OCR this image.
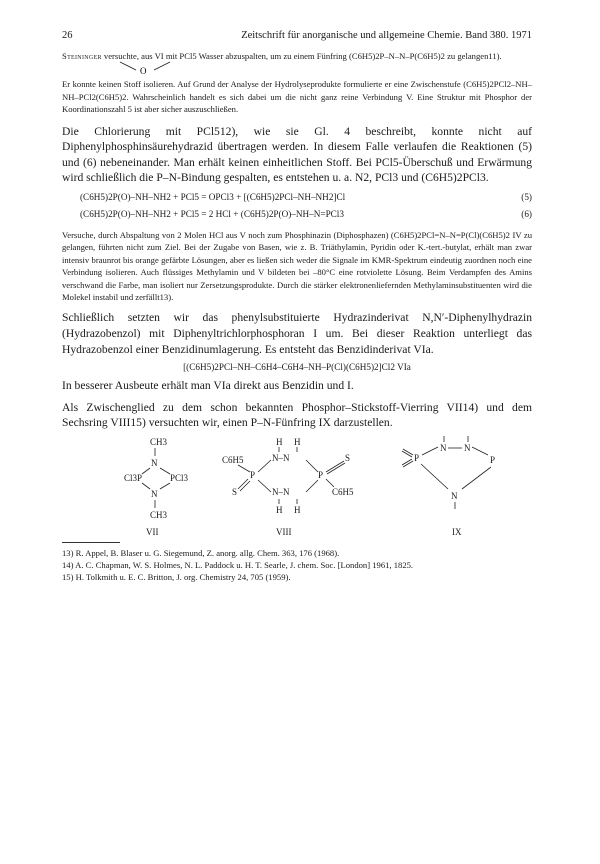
26	Zeitschrift für anorganische und allgemeine Chemie. Band 380. 1971

Steininger versuchte, aus VI mit PCl5 Wasser abzuspalten, um zu einem Fünfring (C6H5)2P–N–N–P(C6H5)2 zu gelangen11).

O

Er konnte keinen Stoff isolieren. Auf Grund der Analyse der Hydrolyseprodukte formulierte er eine Zwischenstufe (C6H5)2PCl2–NH–NH–PCl2(C6H5)2. Wahrscheinlich handelt es sich dabei um die nicht ganz reine Verbindung V. Eine Struktur mit Phosphor der Koordinationszahl 5 ist aber sicher auszuschließen.

Die Chlorierung mit PCl512), wie sie Gl. 4 beschreibt, konnte nicht auf Diphenylphosphinsäurehydrazid übertragen werden. In diesem Falle verlaufen die Reaktionen (5) und (6) nebeneinander. Man erhält keinen einheitlichen Stoff. Bei PCl5-Überschuß und Erwärmung wird schließlich die P–N-Bindung gespalten, es entstehen u. a. N2, PCl3 und (C6H5)2PCl3.

(C6H5)2P(O)–NH–NH2 + PCl5 = OPCl3 + [(C6H5)2PCl–NH–NH2]Cl	(5)
(C6H5)2P(O)–NH–NH2 + PCl5 = 2 HCl + (C6H5)2P(O)–NH–N=PCl3	(6)

Versuche, durch Abspaltung von 2 Molen HCl aus V noch zum Phosphinazin (Diphosphazen) (C6H5)2PCl=N–N=P(Cl)(C6H5)2 IV zu gelangen, führten nicht zum Ziel. Bei der Zugabe von Basen, wie z. B. Triäthylamin, Pyridin oder K.-tert.-butylat, erhält man zwar intensiv braunrot bis orange gefärbte Lösungen, aber es ließen sich weder die Signale im KMR-Spektrum eindeutig zuordnen noch eine Verbindung isolieren. Auch flüssiges Methylamin und V bildeten bei –80°C eine rotviolette Lösung. Beim Verdampfen des Amins verschwand die Farbe, man isoliert nur Zersetzungsprodukte. Durch die stärker elektronenliefernden Methylaminsubstituenten wird die Molekel instabil und zerfällt13).

Schließlich setzten wir das phenylsubstituierte Hydrazinderivat N,N′-Diphenylhydrazin (Hydrazobenzol) mit Diphenyltrichlorphosphoran I um. Bei dieser Reaktion unterliegt das Hydrazobenzol einer Benzidinumlagerung. Es entsteht das Benzidinderivat VIa.

[(C6H5)2PCl–NH–C6H4–C6H4–NH–P(Cl)(C6H5)2]Cl2 VIa

In besserer Ausbeute erhält man VIa direkt aus Benzidin und I.

Als Zwischenglied zu dem schon bekannten Phosphor–Stickstoff-Vierring VII14) und dem Sechsring VIII15) versuchten wir, einen P–N-Fünfring IX darzustellen.

CH3
N
Cl3P	PCl3
N
CH3
VII
H H
C6H5
P
N–N
P
S
S	N–N	C6H5
H H
VIII
P
N N
P
N
IX

13) R. Appel, B. Blaser u. G. Siegemund, Z. anorg. allg. Chem. 363, 176 (1968).

14) A. C. Chapman, W. S. Holmes, N. L. Paddock u. H. T. Searle, J. chem. Soc. [London] 1961, 1825.

15) H. Tolkmith u. E. C. Britton, J. org. Chemistry 24, 705 (1959).
